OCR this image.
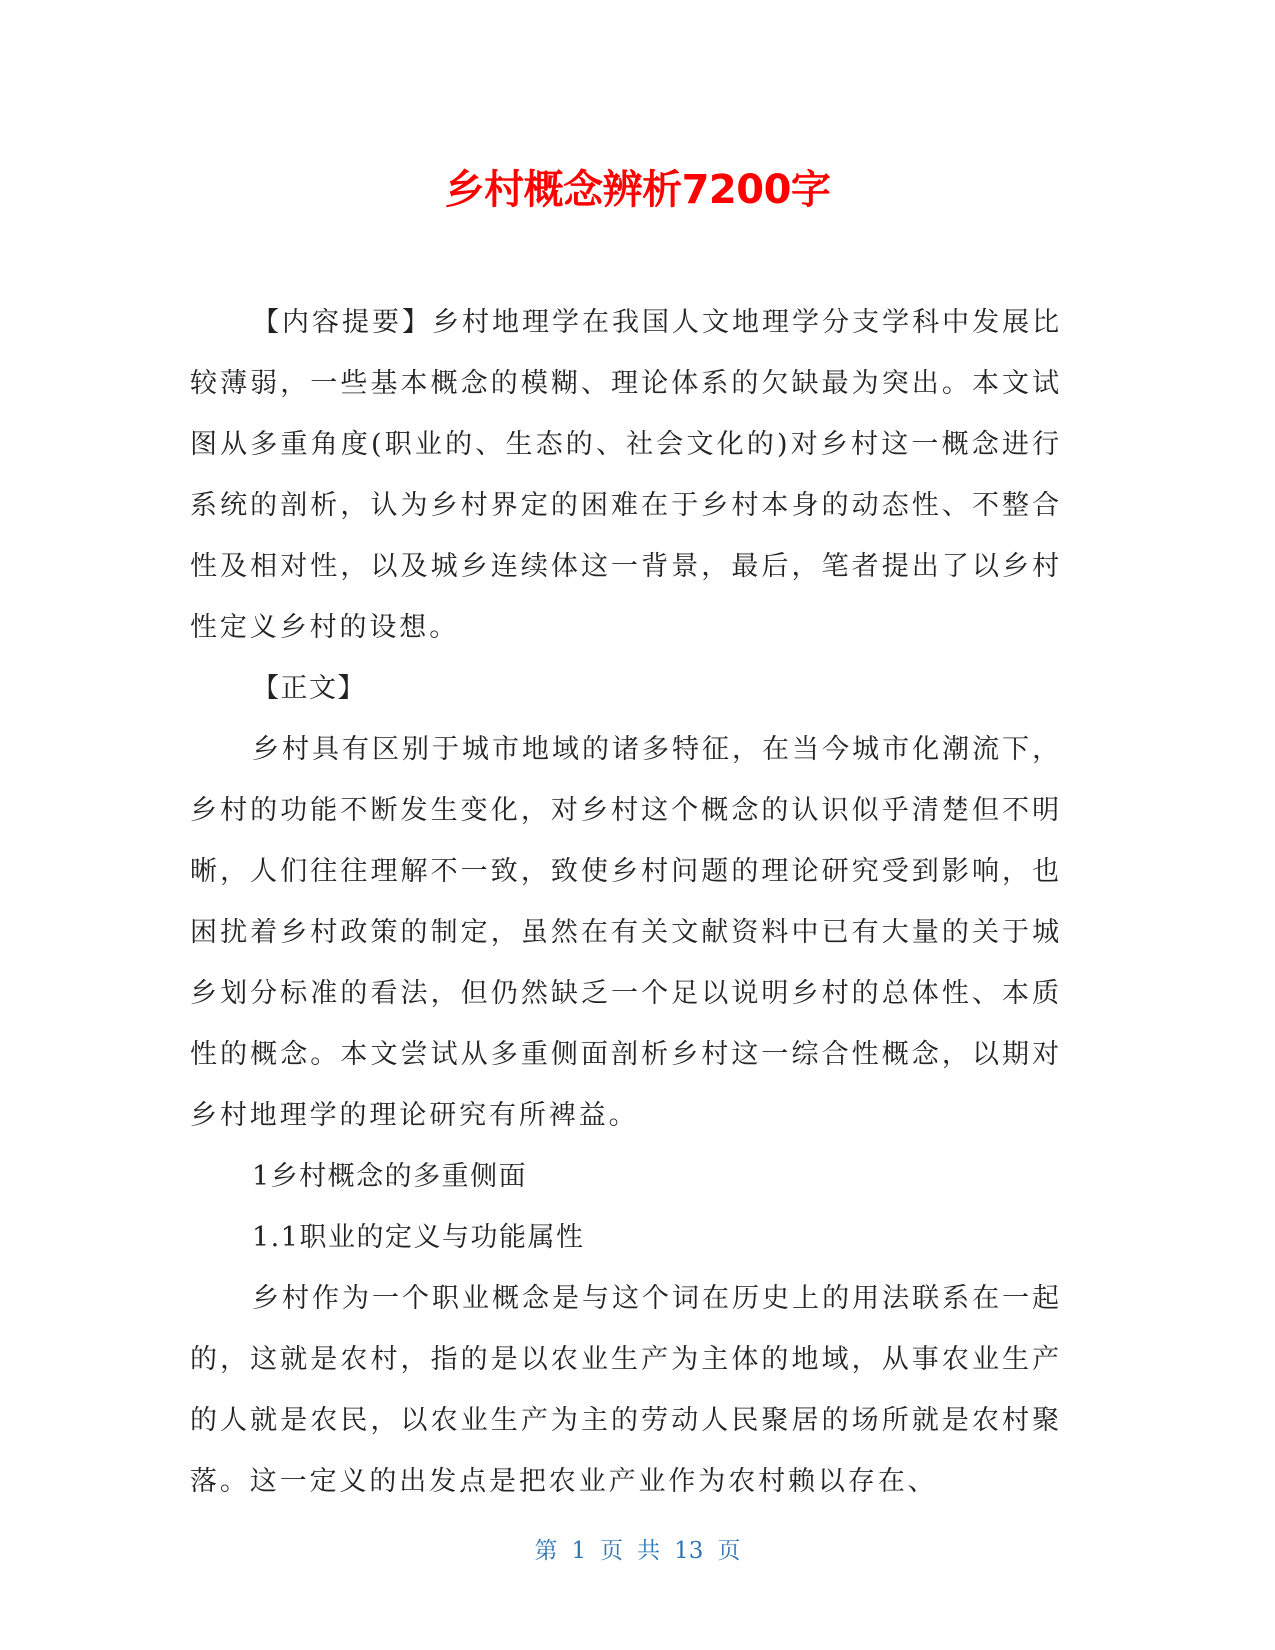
乡村概念辨析7200字

【内容提要】乡村地理学在我国人文地理学分支学科中发展比较薄弱，一些基本概念的模糊、理论体系的欠缺最为突出。本文试图从多重角度(职业的、生态的、社会文化的)对乡村这一概念进行系统的剖析，认为乡村界定的困难在于乡村本身的动态性、不整合性及相对性，以及城乡连续体这一背景，最后，笔者提出了以乡村性定义乡村的设想。

【正文】

乡村具有区别于城市地域的诸多特征，在当今城市化潮流下，乡村的功能不断发生变化，对乡村这个概念的认识似乎清楚但不明晰，人们往往理解不一致，致使乡村问题的理论研究受到影响，也困扰着乡村政策的制定，虽然在有关文献资料中已有大量的关于城乡划分标准的看法，但仍然缺乏一个足以说明乡村的总体性、本质性的概念。本文尝试从多重侧面剖析乡村这一综合性概念，以期对乡村地理学的理论研究有所裨益。

1乡村概念的多重侧面

1.1职业的定义与功能属性

乡村作为一个职业概念是与这个词在历史上的用法联系在一起的，这就是农村，指的是以农业生产为主体的地域，从事农业生产的人就是农民，以农业生产为主的劳动人民聚居的场所就是农村聚落。这一定义的出发点是把农业产业作为农村赖以存在、

第 1 页 共 13 页
